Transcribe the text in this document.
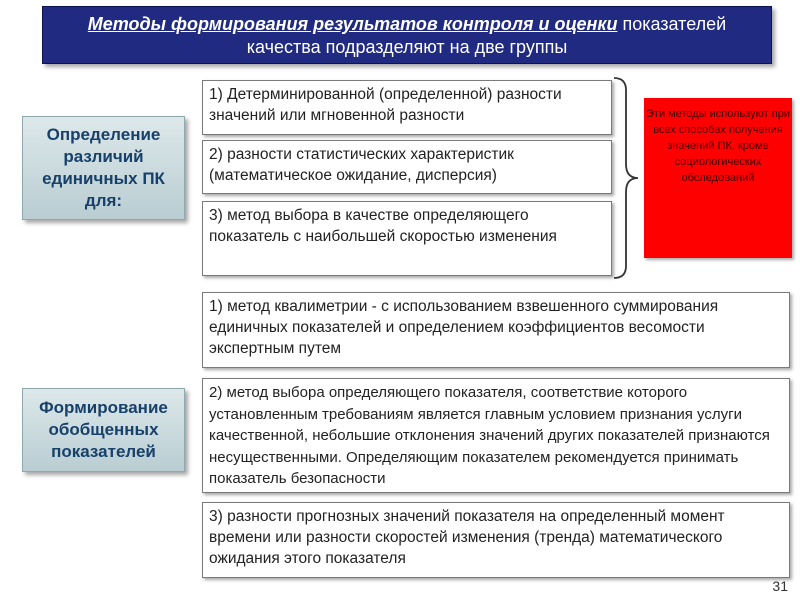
Методы формирования результатов контроля и оценки показателей
качества подразделяют на две группы
Определение
различий
единичных ПК
для:
1) Детерминированной (определенной) разности значений или мгновенной разности
2) разности статистических характеристик (математическое ожидание, дисперсия)
3) метод выбора в качестве определяющего показатель с наибольшей скоростью изменения
Эти методы используют при всех способах получения значений ПК, кроме социологических обследований
Формирование
обобщенных
показателей
1) метод квалиметрии - с использованием взвешенного суммирования единичных показателей и определением коэффициентов весомости экспертным путем
2) метод выбора определяющего показателя, соответствие которого установленным требованиям является главным условием признания услуги качественной, небольшие отклонения значений других показателей признаются несущественными. Определяющим показателем рекомендуется принимать показатель безопасности
3) разности прогнозных значений показателя на определенный момент времени или разности скоростей изменения (тренда) математического ожидания этого показателя
31
